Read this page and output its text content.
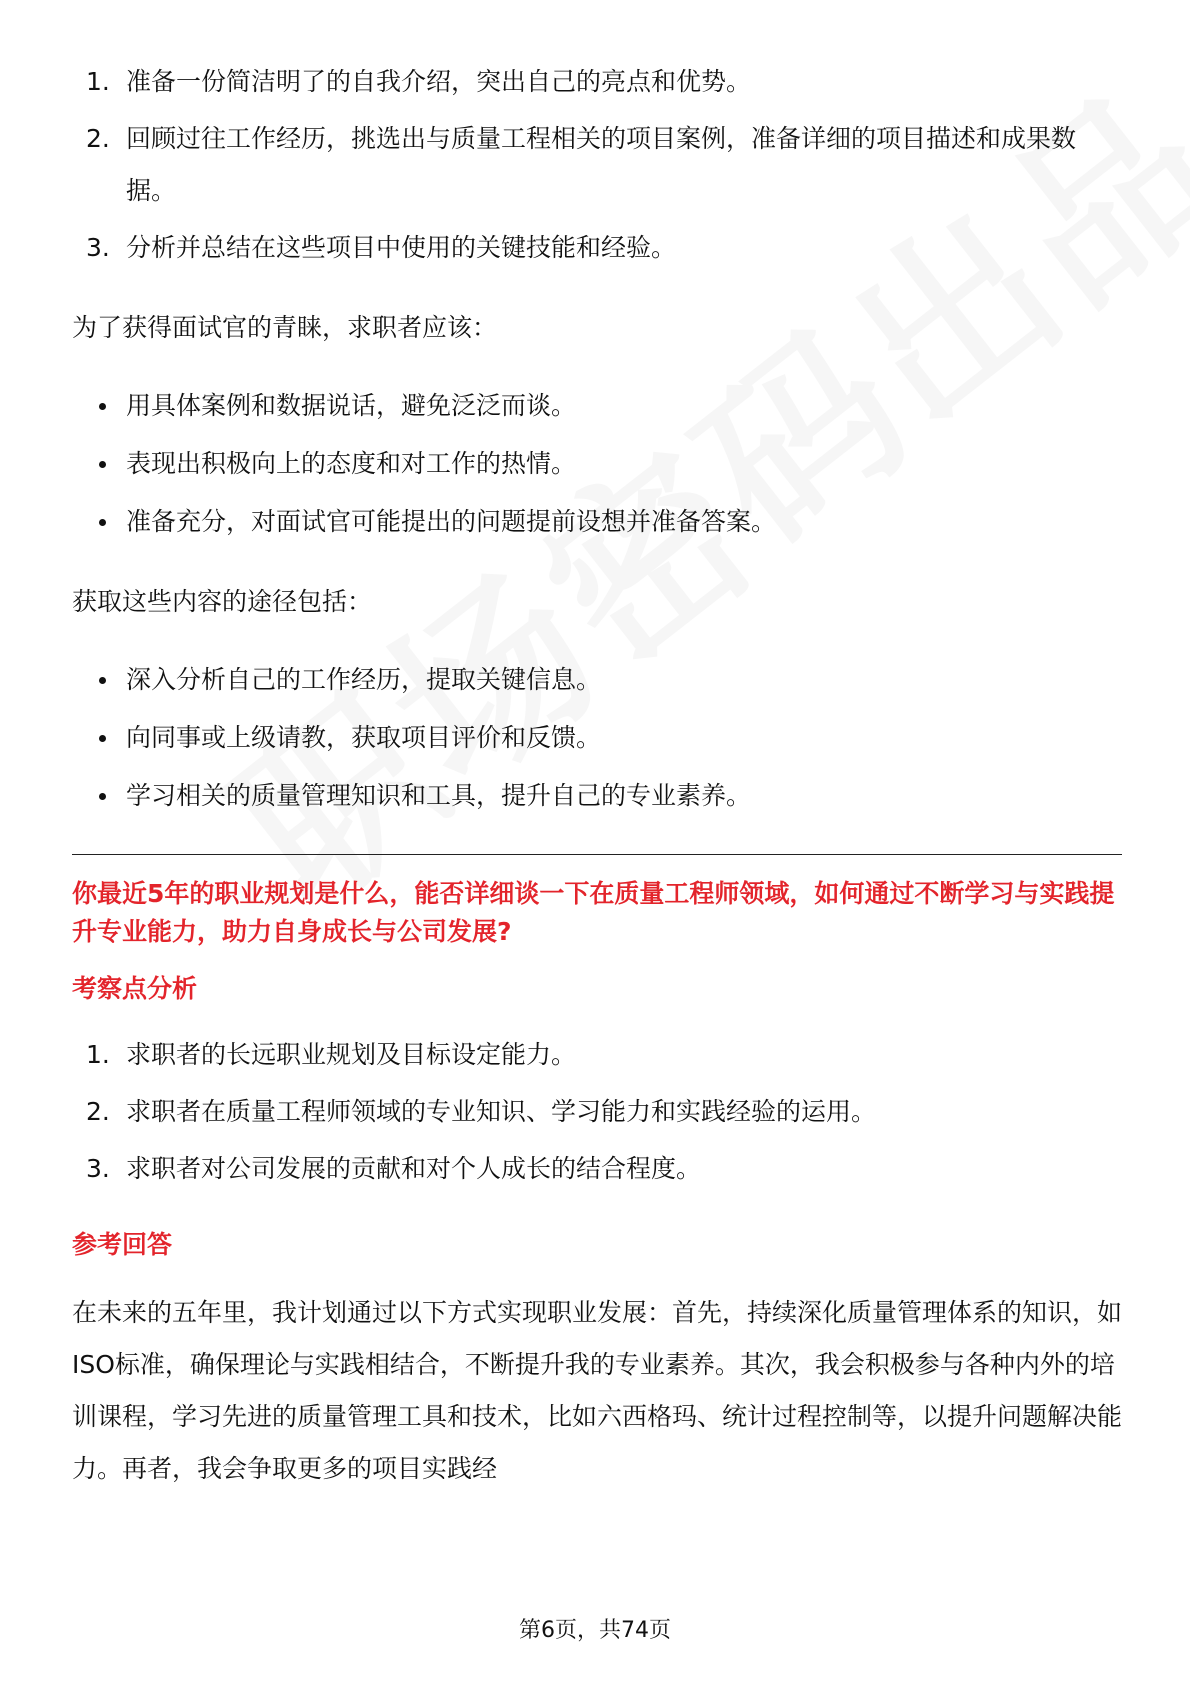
1. 准备一份简洁明了的自我介绍，突出自己的亮点和优势。
2. 回顾过往工作经历，挑选出与质量工程相关的项目案例，准备详细的项目描述和成果数据。
3. 分析并总结在这些项目中使用的关键技能和经验。

为了获得面试官的青睐，求职者应该：

用具体案例和数据说话，避免泛泛而谈。
表现出积极向上的态度和对工作的热情。
准备充分，对面试官可能提出的问题提前设想并准备答案。

获取这些内容的途径包括：

深入分析自己的工作经历，提取关键信息。
向同事或上级请教，获取项目评价和反馈。
学习相关的质量管理知识和工具，提升自己的专业素养。

你最近5年的职业规划是什么，能否详细谈一下在质量工程师领域，如何通过不断学习与实践提升专业能力，助力自身成长与公司发展?

考察点分析

1. 求职者的长远职业规划及目标设定能力。
2. 求职者在质量工程师领域的专业知识、学习能力和实践经验的运用。
3. 求职者对公司发展的贡献和对个人成长的结合程度。

参考回答

在未来的五年里，我计划通过以下方式实现职业发展：首先，持续深化质量管理体系的知识，如ISO标准，确保理论与实践相结合，不断提升我的专业素养。其次，我会积极参与各种内外的培训课程，学习先进的质量管理工具和技术，比如六西格玛、统计过程控制等，以提升问题解决能力。再者，我会争取更多的项目实践经

第6页，共74页
